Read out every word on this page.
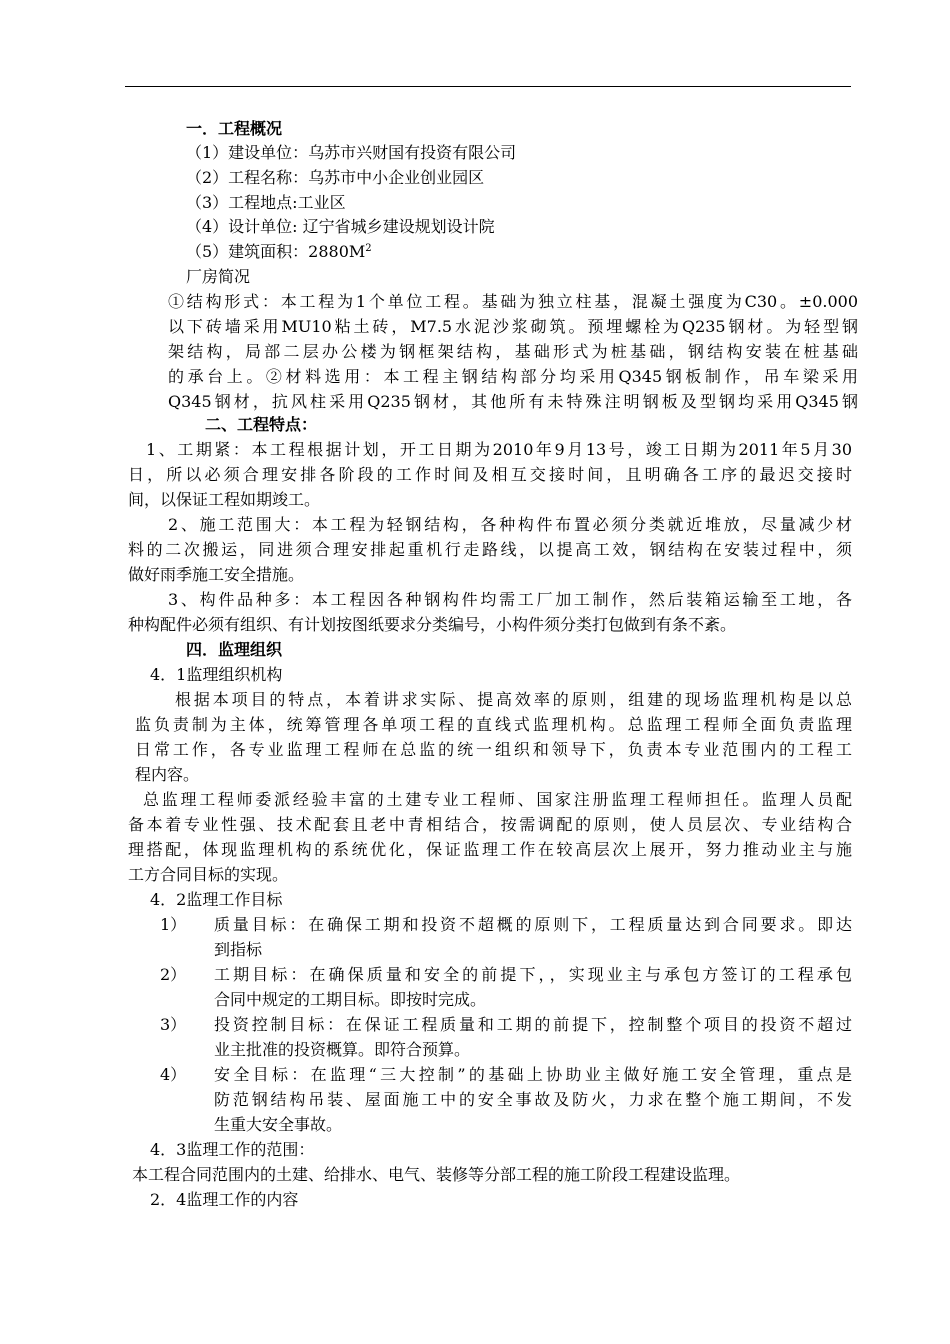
一．工程概况
（1）建设单位：乌苏市兴财国有投资有限公司
（2）工程名称：乌苏市中小企业创业园区
（3）工程地点:工业区
（4）设计单位: 辽宁省城乡建设规划设计院
（5）建筑面积：$2880M^2$
厂房简况
①结构形式：本工程为1个单位工程。基础为独立柱基，混凝土强度为C30。±0.000
以下砖墙采用MU10粘土砖，M7.5水泥沙浆砌筑。预埋螺栓为Q235钢材。为轻型钢
架结构，局部二层办公楼为钢框架结构，基础形式为桩基础，钢结构安装在桩基础
的承台上。②材料选用：本工程主钢结构部分均采用Q345钢板制作，吊车梁采用
Q345钢材，抗风柱采用Q235钢材，其他所有未特殊注明钢板及型钢均采用Q345钢
二、工程特点：
1、工期紧：本工程根据计划，开工日期为2010年9月13号，竣工日期为2011年5月30
日，所以必须合理安排各阶段的工作时间及相互交接时间，且明确各工序的最迟交接时
间，以保证工程如期竣工。
2、施工范围大：本工程为轻钢结构，各种构件布置必须分类就近堆放，尽量减少材
料的二次搬运，同进须合理安排起重机行走路线，以提高工效，钢结构在安装过程中，须
做好雨季施工安全措施。
3、构件品种多：本工程因各种钢构件均需工厂加工制作，然后装箱运输至工地，各
种构配件必须有组织、有计划按图纸要求分类编号，小构件须分类打包做到有条不紊。
四．监理组织
4．1监理组织机构
根据本项目的特点，本着讲求实际、提高效率的原则，组建的现场监理机构是以总
监负责制为主体，统筹管理各单项工程的直线式监理机构。总监理工程师全面负责监理
日常工作，各专业监理工程师在总监的统一组织和领导下，负责本专业范围内的工程工
程内容。
总监理工程师委派经验丰富的土建专业工程师、国家注册监理工程师担任。监理人员配
备本着专业性强、技术配套且老中青相结合，按需调配的原则，使人员层次、专业结构合
理搭配，体现监理机构的系统优化，保证监理工作在较高层次上展开，努力推动业主与施
工方合同目标的实现。
4．2监理工作目标
1） 质量目标：在确保工期和投资不超概的原则下，工程质量达到合同要求。即达
到指标
2） 工期目标：在确保质量和安全的前提下，，实现业主与承包方签订的工程承包
合同中规定的工期目标。即按时完成。
3） 投资控制目标：在保证工程质量和工期的前提下，控制整个项目的投资不超过
业主批准的投资概算。即符合预算。
4） 安全目标：在监理“三大控制”的基础上协助业主做好施工安全管理，重点是
防范钢结构吊装、屋面施工中的安全事故及防火，力求在整个施工期间，不发
生重大安全事故。
4．3监理工作的范围：
本工程合同范围内的土建、给排水、电气、装修等分部工程的施工阶段工程建设监理。
2．4监理工作的内容
